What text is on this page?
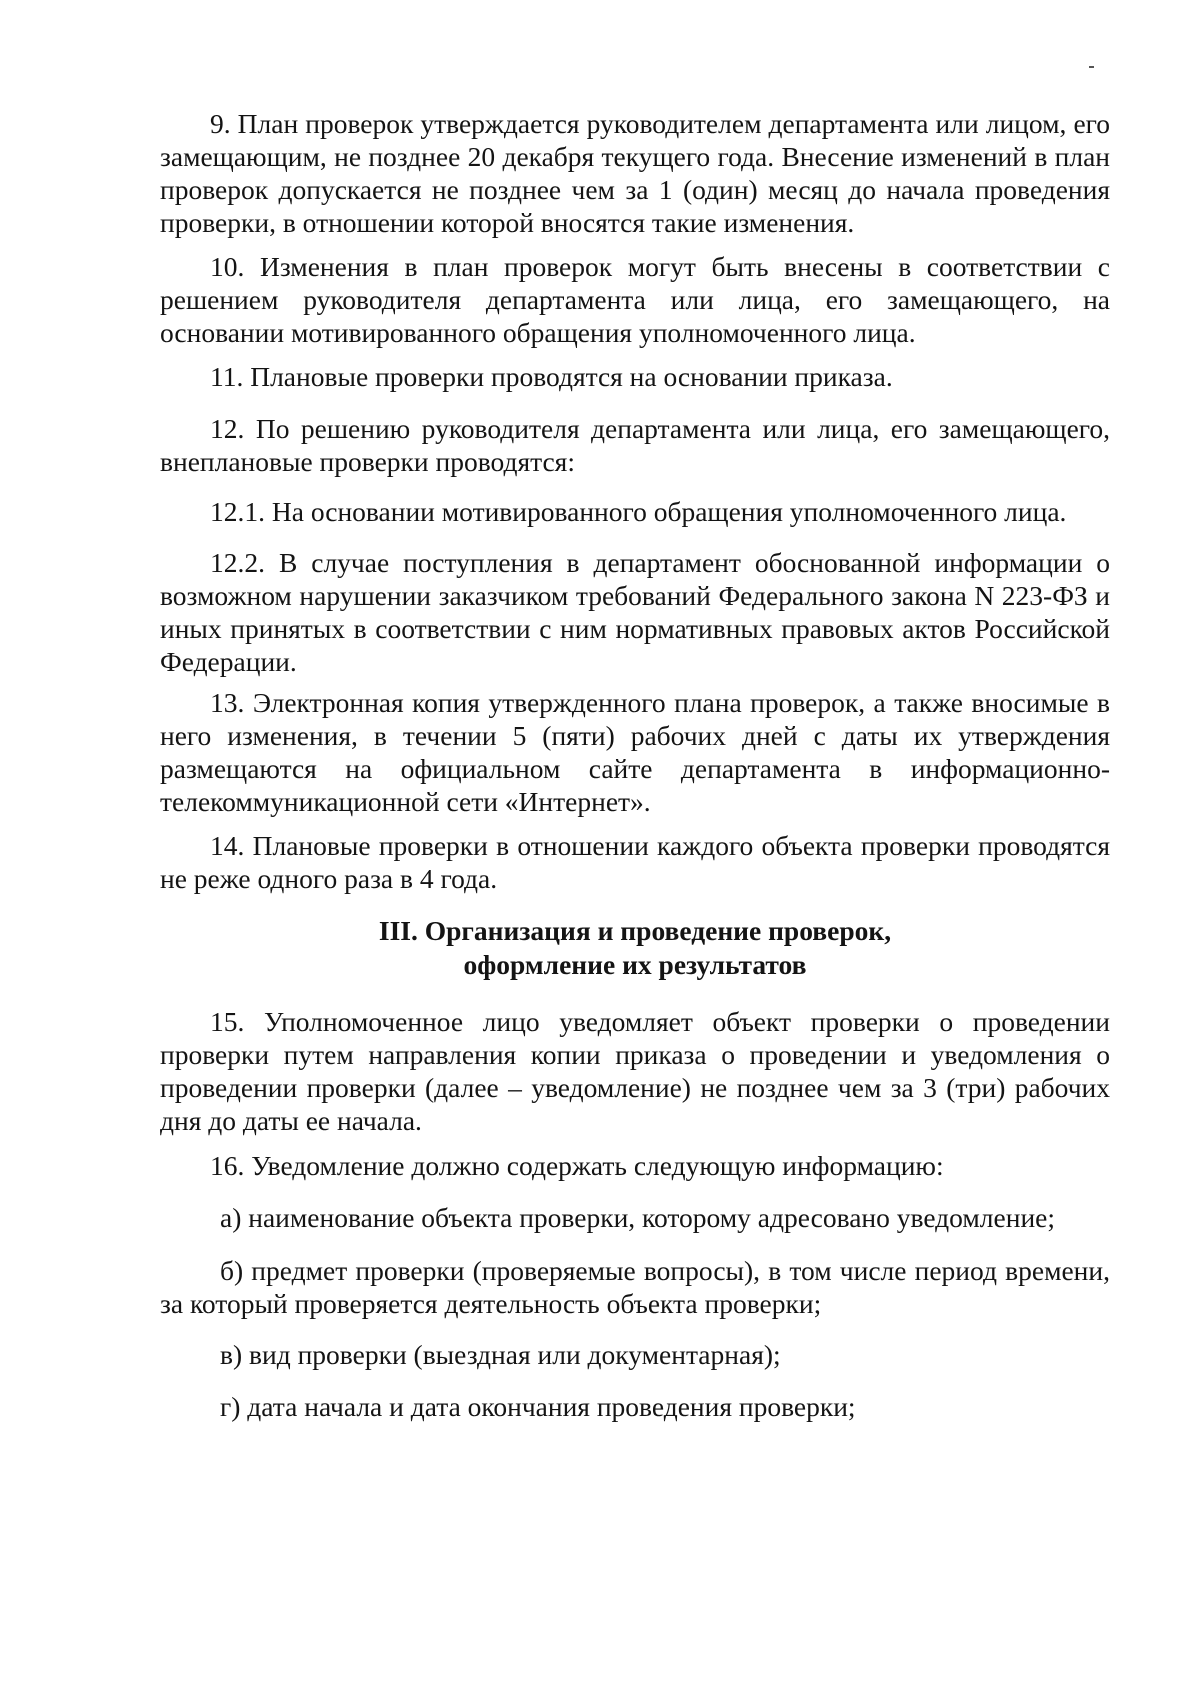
9. План проверок утверждается руководителем департамента или лицом, его замещающим, не позднее 20 декабря текущего года. Внесение изменений в план проверок допускается не позднее чем за 1 (один) месяц до начала проведения проверки, в отношении которой вносятся такие изменения.

10. Изменения в план проверок могут быть внесены в соответствии с решением руководителя департамента или лица, его замещающего, на основании мотивированного обращения уполномоченного лица.

11. Плановые проверки проводятся на основании приказа.

12. По решению руководителя департамента или лица, его замещающего, внеплановые проверки проводятся:

12.1. На основании мотивированного обращения уполномоченного лица.

12.2. В случае поступления в департамент обоснованной информации о возможном нарушении заказчиком требований Федерального закона N 223-ФЗ и иных принятых в соответствии с ним нормативных правовых актов Российской Федерации.

13. Электронная копия утвержденного плана проверок, а также вносимые в него изменения, в течении 5 (пяти) рабочих дней с даты их утверждения размещаются на официальном сайте департамента в информационно-телекоммуникационной сети «Интернет».

14. Плановые проверки в отношении каждого объекта проверки проводятся не реже одного раза в 4 года.

III. Организация и проведение проверок,
оформление их результатов

15. Уполномоченное лицо уведомляет объект проверки о проведении проверки путем направления копии приказа о проведении и уведомления о проведении проверки (далее – уведомление) не позднее чем за 3 (три) рабочих дня до даты ее начала.

16. Уведомление должно содержать следующую информацию:

а) наименование объекта проверки, которому адресовано уведомление;

б) предмет проверки (проверяемые вопросы), в том числе период времени, за который проверяется деятельность объекта проверки;

в) вид проверки (выездная или документарная);

г) дата начала и дата окончания проведения проверки;
